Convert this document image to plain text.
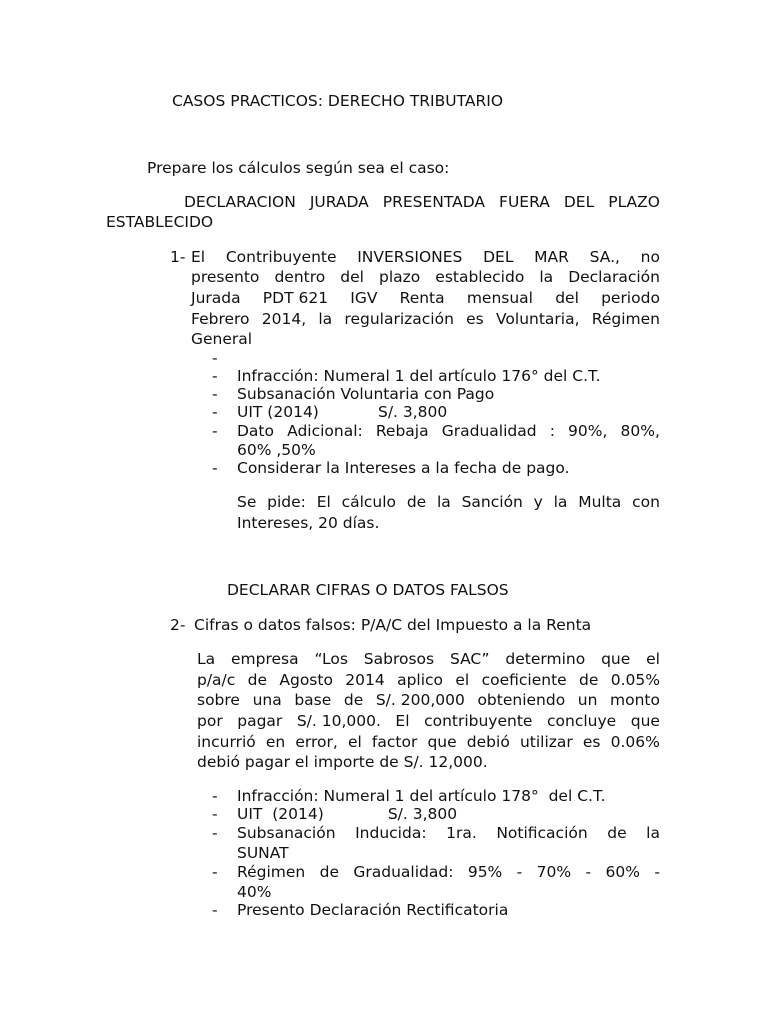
CASOS PRACTICOS: DERECHO TRIBUTARIO
Prepare los cálculos según sea el caso:
DECLARACION JURADA PRESENTADA FUERA DEL PLAZO
ESTABLECIDO
1- El Contribuyente INVERSIONES DEL MAR SA., no
presento dentro del plazo establecido la Declaración
Jurada PDT 621 IGV Renta mensual del periodo
Febrero 2014, la regularización es Voluntaria, Régimen
General
-
- Infracción: Numeral 1 del artículo 176° del C.T.
- Subsanación Voluntaria con Pago
- UIT (2014)            S/. 3,800
- Dato Adicional: Rebaja Gradualidad : 90%, 80%,
60% ,50%
- Considerar la Intereses a la fecha de pago.
Se pide: El cálculo de la Sanción y la Multa con
Intereses, 20 días.
DECLARAR CIFRAS O DATOS FALSOS
2- Cifras o datos falsos: P/A/C del Impuesto a la Renta
La empresa “Los Sabrosos SAC” determino que el
p/a/c de Agosto 2014 aplico el coeficiente de 0.05%
sobre una base de S/. 200,000 obteniendo un monto
por pagar S/. 10,000. El contribuyente concluye que
incurrió en error, el factor que debió utilizar es 0.06%
debió pagar el importe de S/. 12,000.
- Infracción: Numeral 1 del artículo 178°  del C.T.
- UIT  (2014)             S/. 3,800
- Subsanación Inducida: 1ra. Notificación de la
SUNAT
- Régimen de Gradualidad: 95% - 70% - 60% -
40%
- Presento Declaración Rectificatoria
